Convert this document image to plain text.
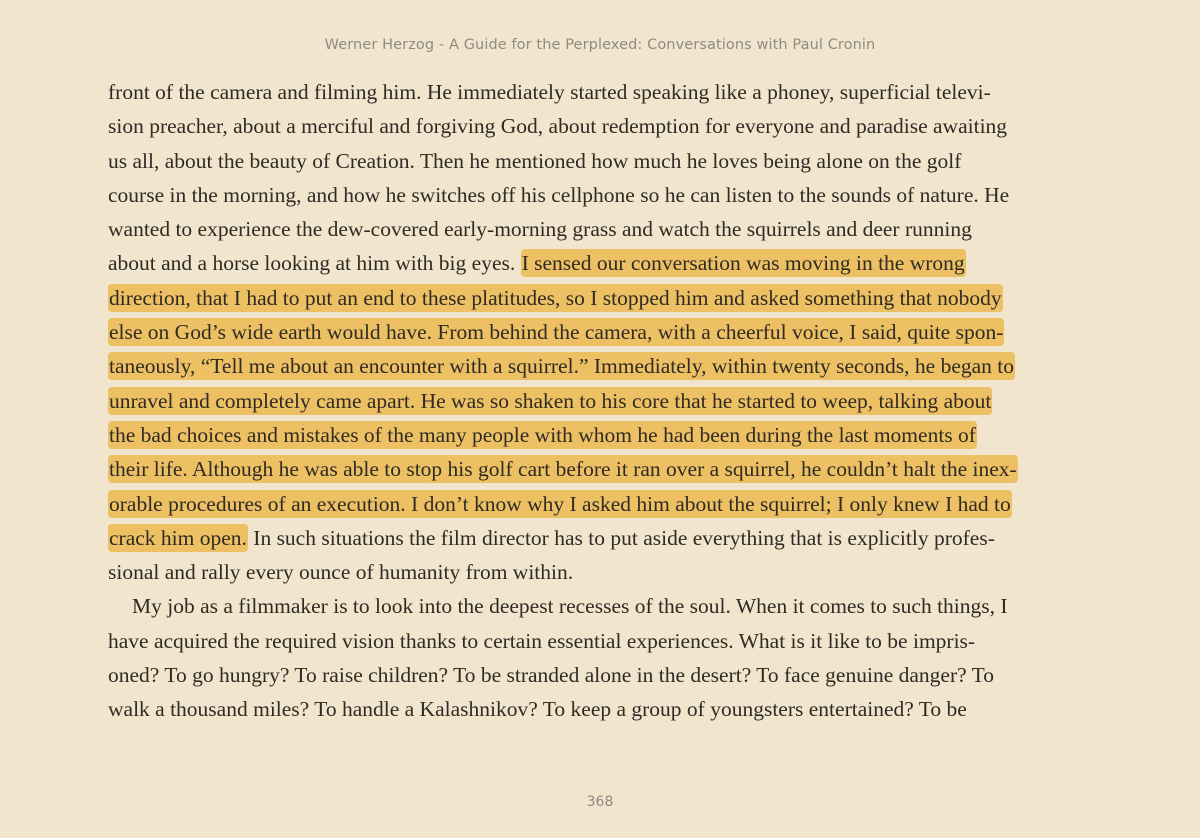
Werner Herzog - A Guide for the Perplexed: Conversations with Paul Cronin
front of the camera and filming him. He immediately started speaking like a phoney, superficial televi-
sion preacher, about a merciful and forgiving God, about redemption for everyone and paradise awaiting
us all, about the beauty of Creation. Then he mentioned how much he loves being alone on the golf
course in the morning, and how he switches off his cellphone so he can listen to the sounds of nature. He
wanted to experience the dew-covered early-morning grass and watch the squirrels and deer running
about and a horse looking at him with big eyes. I sensed our conversation was moving in the wrong
direction, that I had to put an end to these platitudes, so I stopped him and asked something that nobody
else on God’s wide earth would have. From behind the camera, with a cheerful voice, I said, quite spon-
taneously, “Tell me about an encounter with a squirrel.” Immediately, within twenty seconds, he began to
unravel and completely came apart. He was so shaken to his core that he started to weep, talking about
the bad choices and mistakes of the many people with whom he had been during the last moments of
their life. Although he was able to stop his golf cart before it ran over a squirrel, he couldn’t halt the inex-
orable procedures of an execution. I don’t know why I asked him about the squirrel; I only knew I had to
crack him open. In such situations the film director has to put aside everything that is explicitly profes-
sional and rally every ounce of humanity from within.
My job as a filmmaker is to look into the deepest recesses of the soul. When it comes to such things, I
have acquired the required vision thanks to certain essential experiences. What is it like to be impris-
oned? To go hungry? To raise children? To be stranded alone in the desert? To face genuine danger? To
walk a thousand miles? To handle a Kalashnikov? To keep a group of youngsters entertained? To be
368
